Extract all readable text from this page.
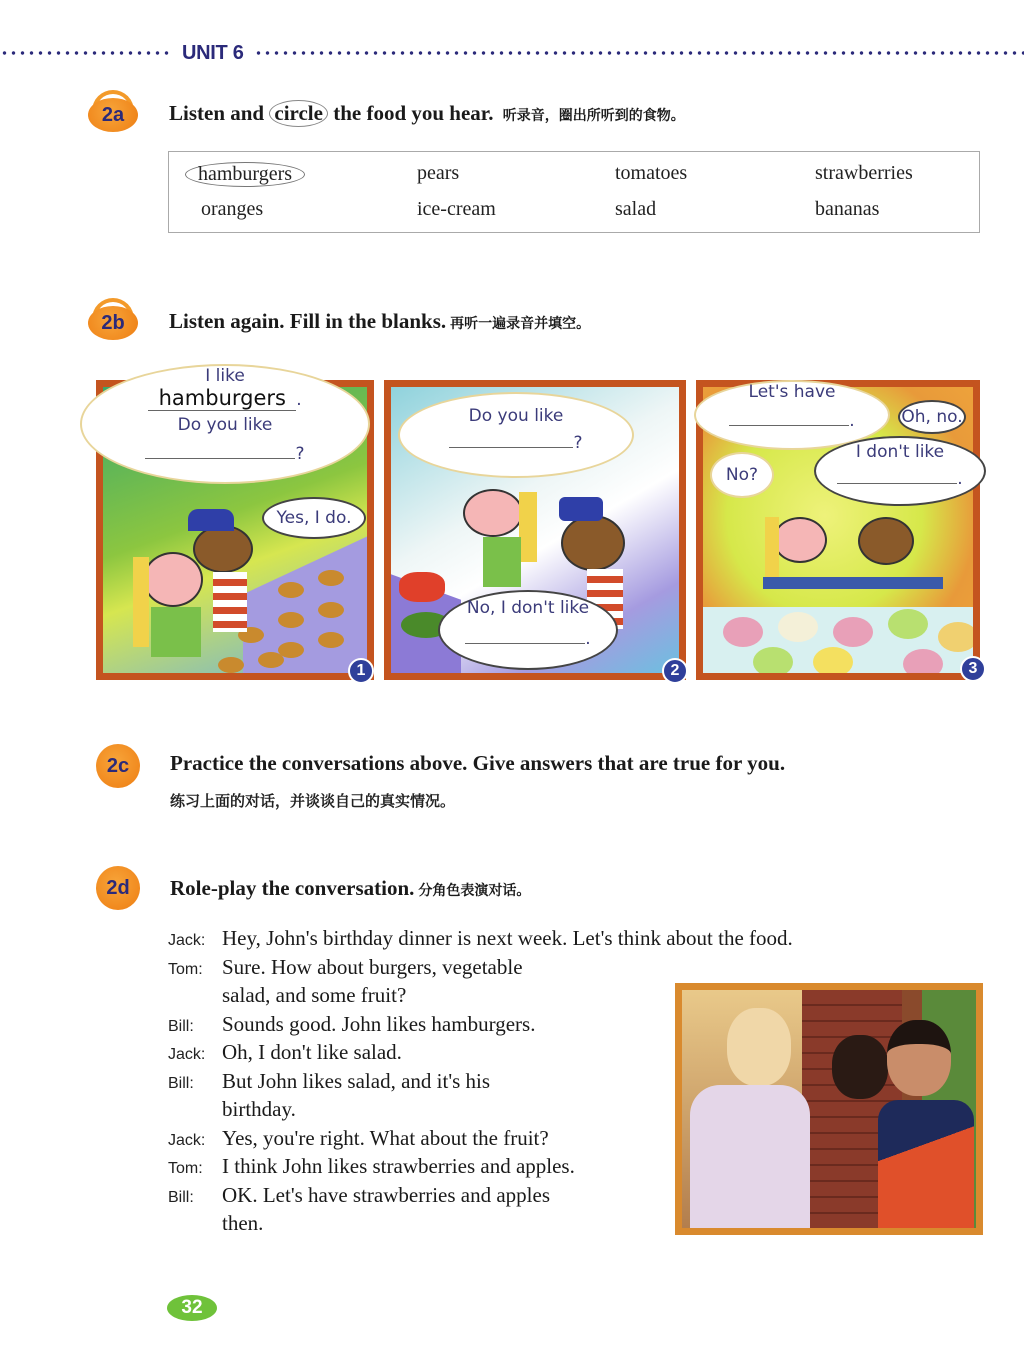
UNIT 6
2a Listen and circle the food you hear. 听录音，圈出所听到的食物。
hamburgers	pears	tomatoes	strawberries
oranges	ice-cream	salad	bananas
2b Listen again. Fill in the blanks. 再听一遍录音并填空。
I like
hamburgers .
Do you like
?
Yes, I do.
1
Do you like
?
No, I don't like
.
2
Let's have
.	Oh, no.
I don't like
.
No?
3
2c Practice the conversations above. Give answers that are true for you.
练习上面的对话，并谈谈自己的真实情况。
2d Role-play the conversation. 分角色表演对话。
Jack: Hey, John's birthday dinner is next week. Let's think about the food.
Tom: Sure. How about burgers, vegetable
salad, and some fruit?
Bill:	Sounds good. John likes hamburgers.
Jack: Oh, I don't like salad.
Bill:	But John likes salad, and it's his
birthday.
Jack: Yes, you're right. What about the fruit?
Tom: I think John likes strawberries and apples.
Bill:	OK. Let's have strawberries and apples
then.
32
